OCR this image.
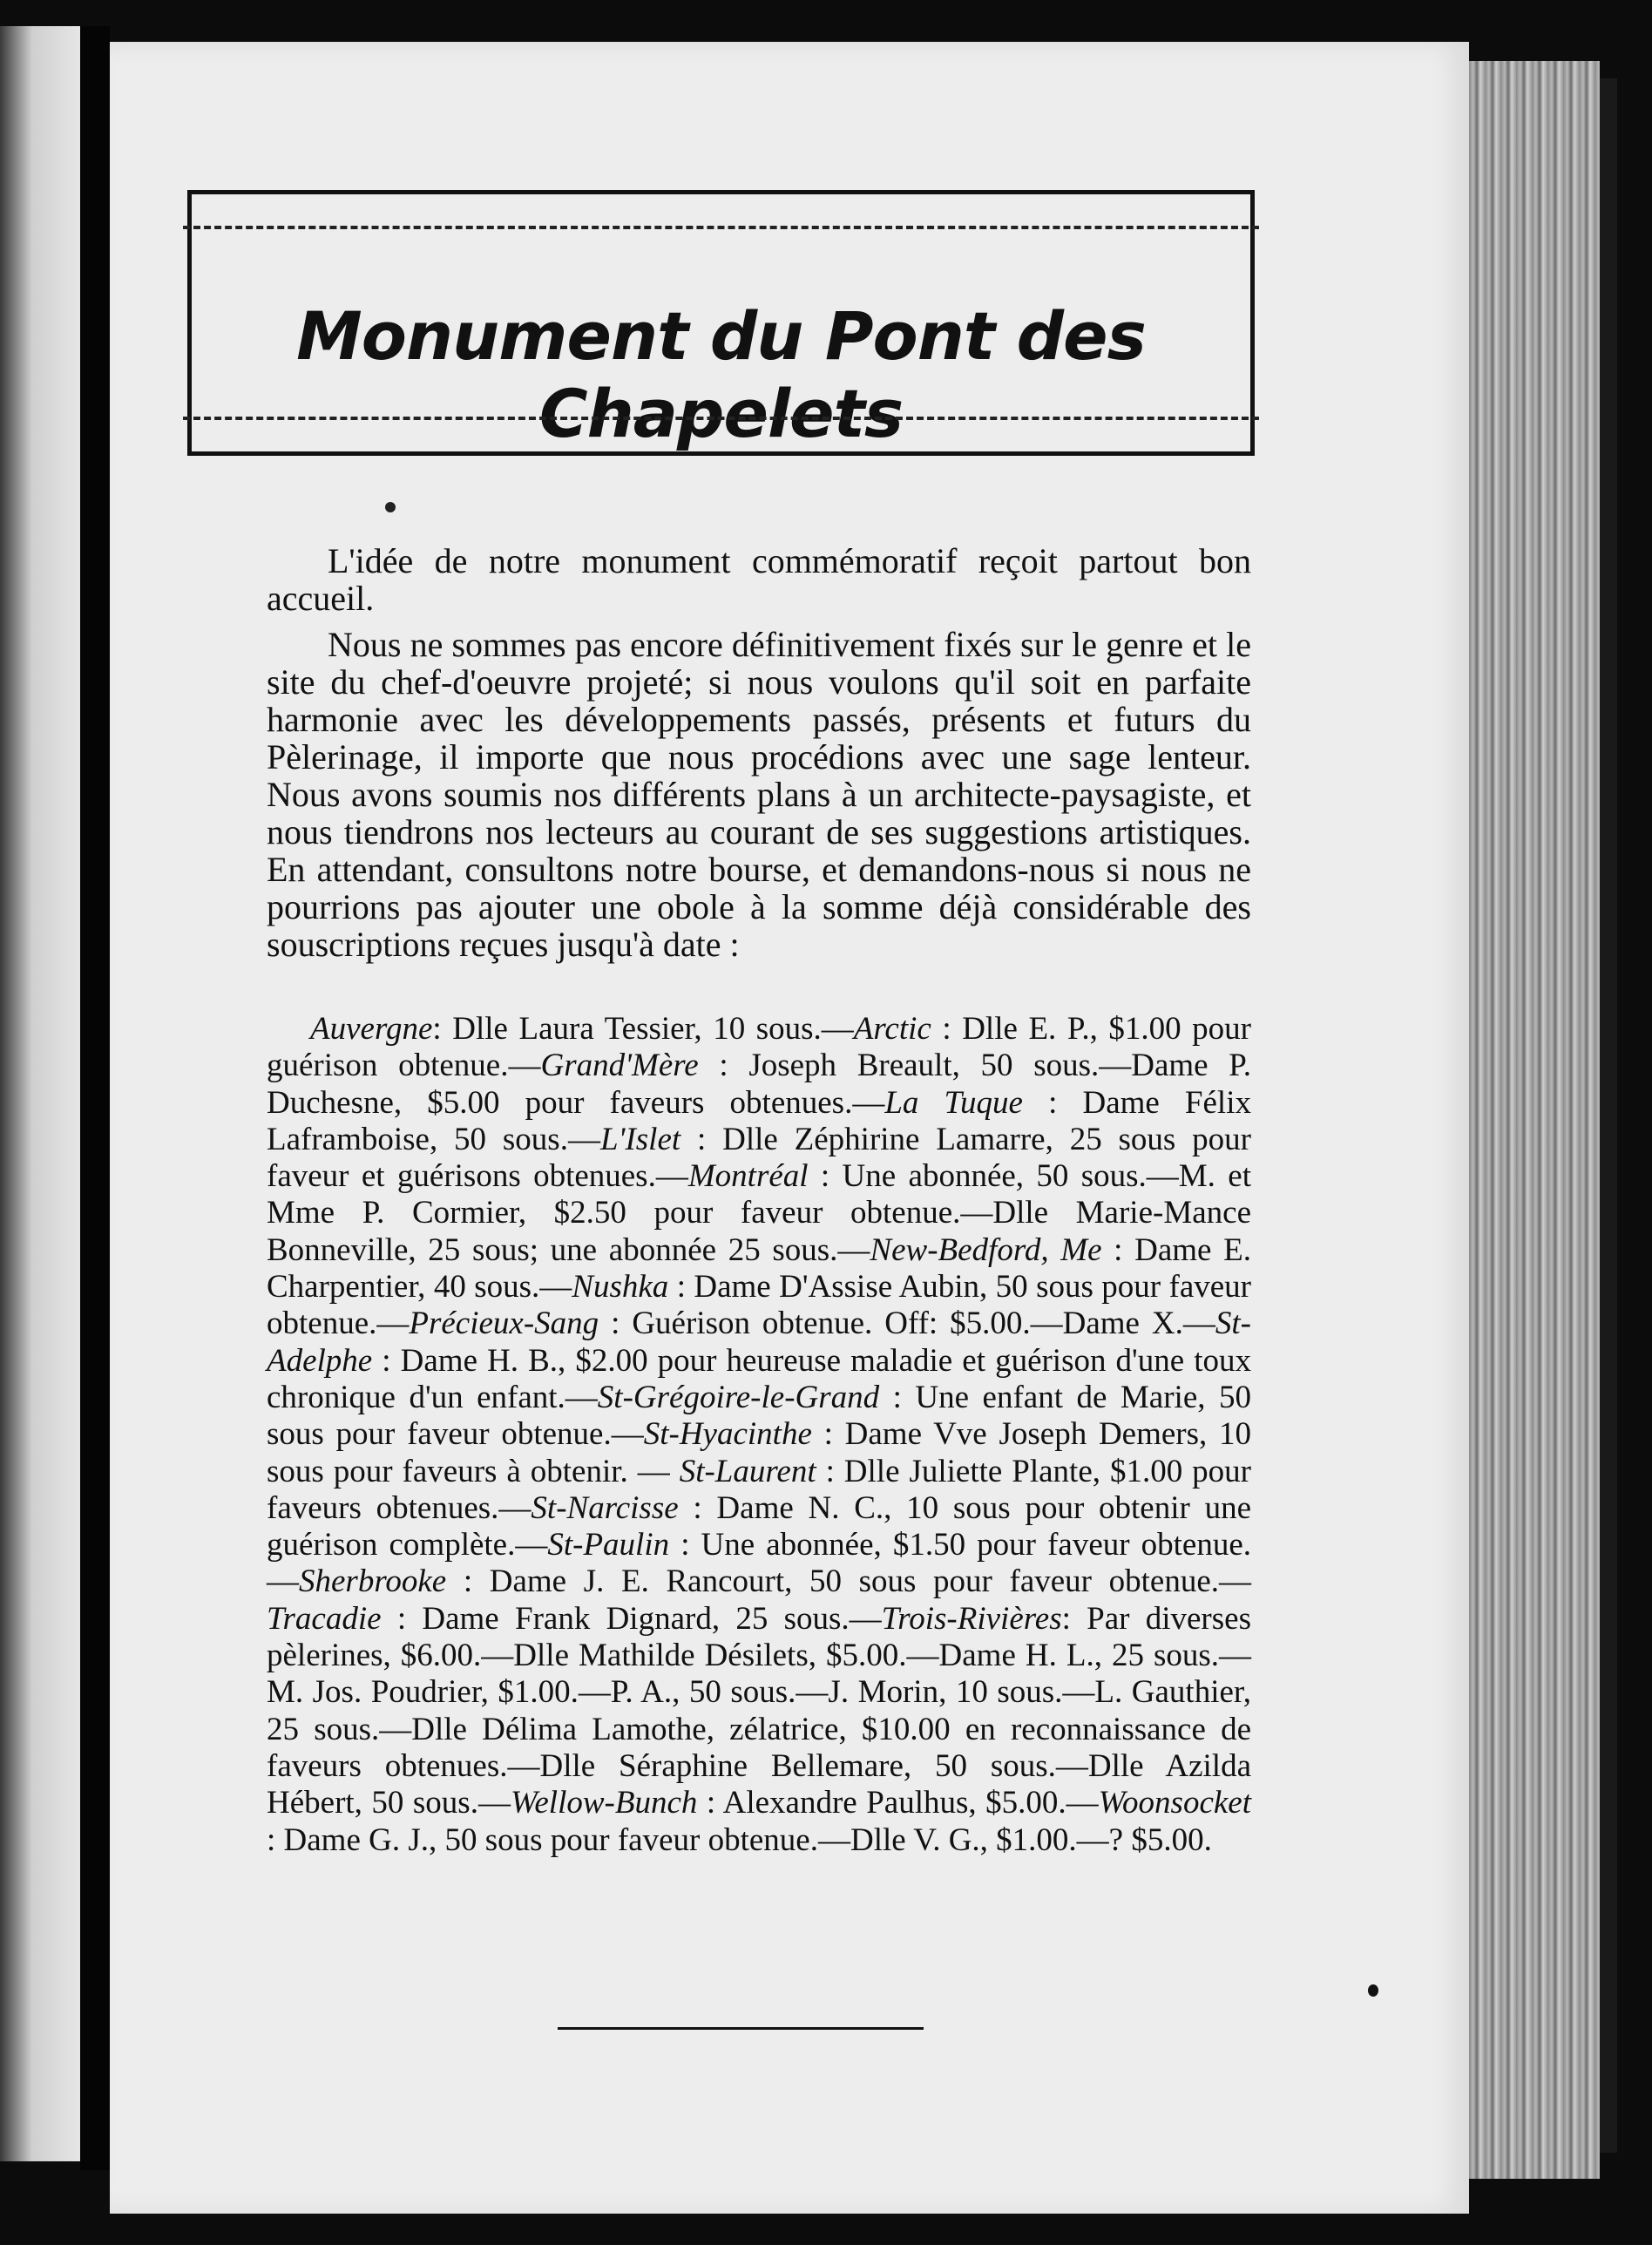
Monument du Pont des Chapelets

L'idée de notre monument commémoratif reçoit partout bon accueil.

Nous ne sommes pas encore définitivement fixés sur le genre et le site du chef-d'oeuvre projeté; si nous voulons qu'il soit en parfaite harmonie avec les développements passés, présents et futurs du Pèlerinage, il importe que nous procédions avec une sage lenteur. Nous avons soumis nos différents plans à un architecte-paysagiste, et nous tiendrons nos lecteurs au courant de ses suggestions artistiques. En attendant, consultons notre bourse, et demandons-nous si nous ne pourrions pas ajouter une obole à la somme déjà considérable des souscriptions reçues jusqu'à date :

Auvergne: Dlle Laura Tessier, 10 sous.—Arctic : Dlle E. P., $1.00 pour guérison obtenue.—Grand'Mère : Joseph Breault, 50 sous.—Dame P. Duchesne, $5.00 pour faveurs obtenues.—La Tuque : Dame Félix Laframboise, 50 sous.—L'Islet : Dlle Zéphirine Lamarre, 25 sous pour faveur et guérisons obtenues.—Montréal : Une abonnée, 50 sous.—M. et Mme P. Cormier, $2.50 pour faveur obtenue.—Dlle Marie-Mance Bonneville, 25 sous; une abonnée 25 sous.—New-Bedford, Me : Dame E. Charpentier, 40 sous.—Nushka : Dame D'Assise Aubin, 50 sous pour faveur obtenue.—Précieux-Sang : Guérison obtenue. Off: $5.00.—Dame X.—St-Adelphe : Dame H. B., $2.00 pour heureuse maladie et guérison d'une toux chronique d'un enfant.—St-Grégoire-le-Grand : Une enfant de Marie, 50 sous pour faveur obtenue.—St-Hyacinthe : Dame Vve Joseph Demers, 10 sous pour faveurs à obtenir. — St-Laurent : Dlle Juliette Plante, $1.00 pour faveurs obtenues.—St-Narcisse : Dame N. C., 10 sous pour obtenir une guérison complète.—St-Paulin : Une abonnée, $1.50 pour faveur obtenue.—Sherbrooke : Dame J. E. Rancourt, 50 sous pour faveur obtenue.—Tracadie : Dame Frank Dignard, 25 sous.—Trois-Rivières: Par diverses pèlerines, $6.00.—Dlle Mathilde Désilets, $5.00.—Dame H. L., 25 sous.—M. Jos. Poudrier, $1.00.—P. A., 50 sous.—J. Morin, 10 sous.—L. Gauthier, 25 sous.—Dlle Délima Lamothe, zélatrice, $10.00 en reconnaissance de faveurs obtenues.—Dlle Séraphine Bellemare, 50 sous.—Dlle Azilda Hébert, 50 sous.—Wellow-Bunch : Alexandre Paulhus, $5.00.—Woonsocket : Dame G. J., 50 sous pour faveur obtenue.—Dlle V. G., $1.00.—? $5.00.
